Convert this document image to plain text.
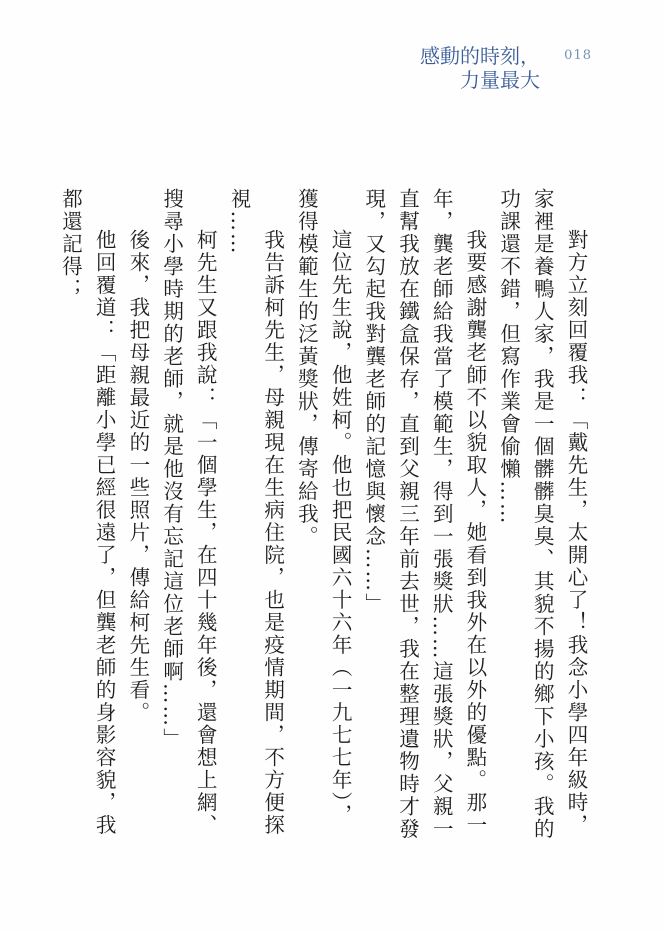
感動的時刻，
力量最大
018

對方立刻回覆我：「戴先生，太開心了！我念小學四年級時，家裡是養鴨人家，我是一個髒髒臭臭、其貌不揚的鄉下小孩。我的功課還不錯，但寫作業會偷懶……

我要感謝龔老師不以貌取人，她看到我外在以外的優點。那一年，龔老師給我當了模範生，得到一張獎狀……這張獎狀，父親一直幫我放在鐵盒保存，直到父親三年前去世，我在整理遺物時才發現，又勾起我對龔老師的記憶與懷念……」

這位先生說，他姓柯。他也把民國六十六年（一九七七年），獲得模範生的泛黃獎狀，傳寄給我。

我告訴柯先生，母親現在生病住院，也是疫情期間，不方便探視……

柯先生又跟我說：「一個學生，在四十幾年後，還會想上網、搜尋小學時期的老師，就是他沒有忘記這位老師啊……」

後來，我把母親最近的一些照片，傳給柯先生看。

他回覆道：「距離小學已經很遠了，但龔老師的身影容貌，我都還記得；
